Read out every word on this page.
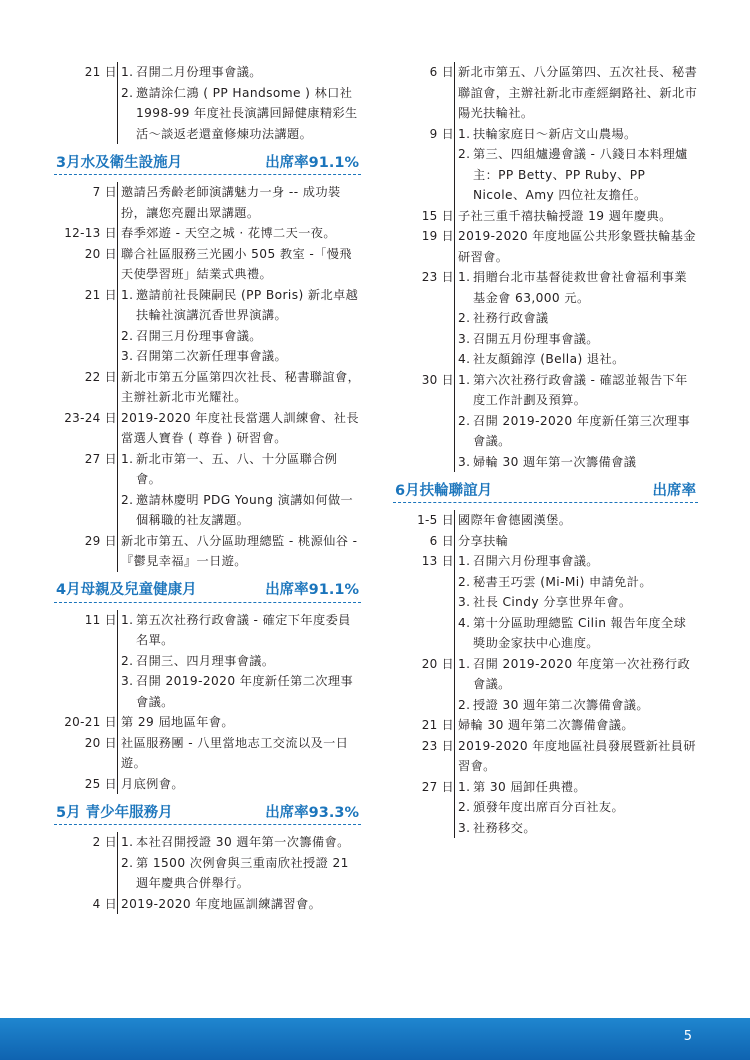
21 日 1. 召開二月份理事會議。
2. 邀請涂仁鴻 ( PP Handsome ) 林口社 1998-99 年度社長演講回歸健康精彩生活～談返老還童修煉功法講題。
3月水及衛生設施月	出席率91.1%
7 日 邀請呂秀齡老師演講魅力一身 -- 成功裝扮，讓您亮麗出眾講題。
12-13 日 春季郊遊 - 天空之城 · 花博二天一夜。
20 日 聯合社區服務三光國小 505 教室 -「慢飛天使學習班」結業式典禮。
21 日 1. 邀請前社長陳嗣民 (PP Boris) 新北卓越扶輪社演講沉香世界演講。
2. 召開三月份理事會議。
3. 召開第二次新任理事會議。
22 日 新北市第五分區第四次社長、秘書聯誼會，主辦社新北市光耀社。
23-24 日 2019-2020 年度社長當選人訓練會、社長當選人寶眷 ( 尊眷 ) 研習會。
27 日 1. 新北市第一、五、八、十分區聯合例會。
2. 邀請林慶明 PDG Young 演講如何做一個稱職的社友講題。
29 日 新北市第五、八分區助理總監 - 桃源仙谷 -『鬱見幸福』一日遊。
4月母親及兒童健康月	出席率91.1%
11 日 1. 第五次社務行政會議 - 確定下年度委員名單。
2. 召開三、四月理事會議。
3. 召開 2019-2020 年度新任第二次理事會議。
20-21 日 第 29 屆地區年會。
20 日 社區服務團 - 八里當地志工交流以及一日遊。
25 日 月底例會。
5月 青少年服務月	出席率93.3%
2 日 1. 本社召開授證 30 週年第一次籌備會。
2. 第 1500 次例會與三重南欣社授證 21 週年慶典合併舉行。
4 日 2019-2020 年度地區訓練講習會。
6 日 新北市第五、八分區第四、五次社長、秘書聯誼會，主辦社新北市產經網路社、新北市陽光扶輪社。
9 日 1. 扶輪家庭日～新店文山農場。
2. 第三、四組爐邊會議 - 八錢日本料理爐主：PP Betty、PP Ruby、PP Nicole、Amy 四位社友擔任。
15 日 子社三重千禧扶輪授證 19 週年慶典。
19 日 2019-2020 年度地區公共形象暨扶輪基金研習會。
23 日 1. 捐贈台北市基督徒救世會社會福利事業基金會 63,000 元。
2. 社務行政會議
3. 召開五月份理事會議。
4. 社友顏錦淳 (Bella) 退社。
30 日 1. 第六次社務行政會議 - 確認並報告下年度工作計劃及預算。
2. 召開 2019-2020 年度新任第三次理事會議。
3. 婦輪 30 週年第一次籌備會議
6月扶輪聯誼月	出席率
1-5 日 國際年會德國漢堡。
6 日 分享扶輪
13 日 1. 召開六月份理事會議。
2. 秘書王巧雲 (Mi-Mi) 申請免計。
3. 社長 Cindy 分享世界年會。
4. 第十分區助理總監 Cilin 報告年度全球獎助金家扶中心進度。
20 日 1. 召開 2019-2020 年度第一次社務行政會議。
2. 授證 30 週年第二次籌備會議。
21 日 婦輪 30 週年第二次籌備會議。
23 日 2019-2020 年度地區社員發展暨新社員研習會。
27 日 1. 第 30 屆卸任典禮。
2. 頒發年度出席百分百社友。
3. 社務移交。
5
